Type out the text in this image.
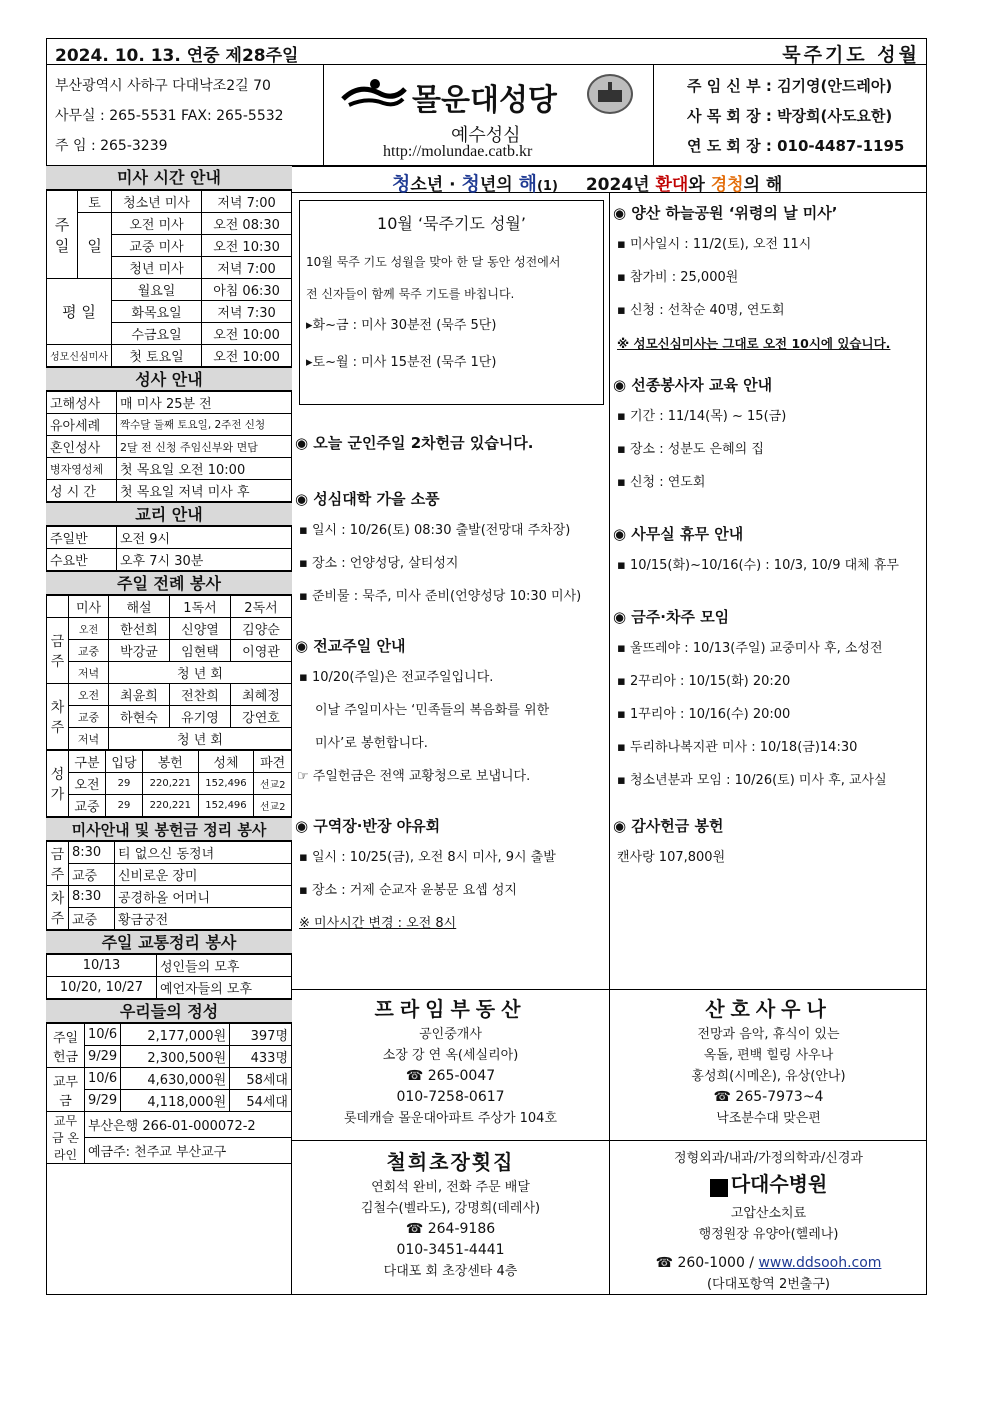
2024. 10. 13. 연중 제28주일	묵주기도 성월
부산광역시 사하구 다대낙조2길 70
사무실 : 265-5531 FAX: 265-5532
주 임 : 265-3239
몰운대성당
예수성심
http://molundae.catb.kr
주 임 신 부 : 김기영(안드레아)
사 목 회 장 : 박장희(사도요한)
연 도 회 장 : 010-4487-1195
청소년 · 청년의 해(1) 2024년 환대와 경청의 해
미사 시간 안내
주 일	토	청소년 미사	저녁 7:00
	일	오전 미사	오전 08:30
		교중 미사	오전 10:30
		청년 미사	저녁 7:00
평 일		월요일	아침 06:30
		화목요일	저녁 7:30
		수금요일	오전 10:00
성모신심미사		첫 토요일	오전 10:00
성사 안내
고해성사	매 미사 25분 전
유아세례	짝수달 둘째 토요일, 2주전 신청
혼인성사	2달 전 신청 주임신부와 면담
병자영성체	첫 목요일 오전 10:00
성 시 간	첫 목요일 저녁 미사 후
교리 안내
주일반	오전 9시
수요반	오후 7시 30분
주일 전례 봉사
	미사	해설	1독서	2독서
금주	오전	한선희	신양열	김양순
	교중	박강균	임현택	이영관
	저녁	청 년 회		
차주	오전	최윤희	전찬희	최혜정
	교중	하현숙	유기영	강연호
	저녁	청 년 회		
성가	구분	입당	봉헌	성체	파견
	오전	29	220,221	152,496	선교2
	교중	29	220,221	152,496	선교2
미사안내 및 봉헌금 정리 봉사
금주	8:30	티 없으신 동정녀
	교중	신비로운 장미
차주	8:30	공경하올 어머니
	교중	황금궁전
주일 교통정리 봉사
10/13	성인들의 모후
10/20, 10/27	예언자들의 모후
우리들의 정성
주일 헌금	10/6	2,177,000원	397명
	9/29	2,300,500원	433명
교무금	10/6	4,630,000원	58세대
	9/29	4,118,000원	54세대
교무금 온라인	부산은행 266-01-000072-2		
	예금주: 천주교 부산교구		
10월 ‘묵주기도 성월’
10월 묵주 기도 성월을 맞아 한 달 동안 성전에서
전 신자들이 함께 묵주 기도를 바칩니다.
▸화~금 : 미사 30분전 (묵주 5단)
▸토~월 : 미사 15분전 (묵주 1단)
◉ 오늘 군인주일 2차헌금 있습니다.
◉ 성심대학 가을 소풍

▪ 일시 : 10/26(토) 08:30 출발(전망대 주차장)

▪ 장소 : 언양성당, 살티성지

▪ 준비물 : 묵주, 미사 준비(언양성당 10:30 미사)

◉ 전교주일 안내

▪ 10/20(주일)은 전교주일입니다.

이날 주일미사는 ‘민족들의 복음화를 위한

미사’로 봉헌합니다.

☞ 주일헌금은 전액 교황청으로 보냅니다.

◉ 구역장·반장 야유회

▪ 일시 : 10/25(금), 오전 8시 미사, 9시 출발

▪ 장소 : 거제 순교자 윤봉문 요셉 성지

※ 미사시간 변경 : 오전 8시

◉ 양산 하늘공원 ‘위령의 날 미사’

▪ 미사일시 : 11/2(토), 오전 11시

▪ 참가비 : 25,000원

▪ 신청 : 선착순 40명, 연도회

※ 성모신심미사는 그대로 오전 10시에 있습니다.

◉ 선종봉사자 교육 안내

▪ 기간 : 11/14(목) ~ 15(금)

▪ 장소 : 성분도 은혜의 집

▪ 신청 : 연도회

◉ 사무실 휴무 안내

▪ 10/15(화)~10/16(수) : 10/3, 10/9 대체 휴무

◉ 금주·차주 모임

▪ 울뜨레야 : 10/13(주일) 교중미사 후, 소성전

▪ 2꾸리아 : 10/15(화) 20:20

▪ 1꾸리아 : 10/16(수) 20:00

▪ 두리하나복지관 미사 : 10/18(금)14:30

▪ 청소년분과 모임 : 10/26(토) 미사 후, 교사실

◉ 감사헌금 봉헌

캔사랑 107,800원

프라임부동산
공인중개사
소장 강 연 옥(세실리아)
☎ 265-0047
010-7258-0617
롯데캐슬 몰운대아파트 주상가 104호
산호사우나
전망과 음악, 휴식이 있는
옥돌, 편백 힐링 사우나
홍성희(시메온), 유상(안나)
☎ 265-7973~4
낙조분수대 맞은편
철희초장횟집
연회석 완비, 전화 주문 배달
김철수(벨라도), 강명희(데레사)
☎ 264-9186
010-3451-4441
다대포 회 초장센타 4층
정형외과/내과/가정의학과/신경과
다대수병원
고압산소치료
행정원장 유양아(헬레나)
☎ 260-1000 / www.ddsooh.com
(다대포항역 2번출구)
